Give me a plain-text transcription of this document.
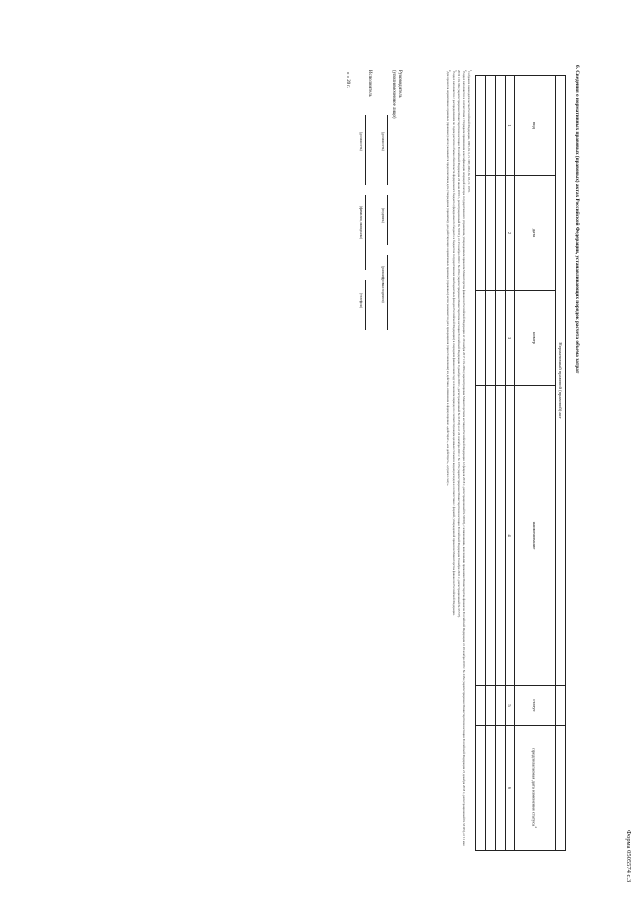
Форма 0505574 с.3
6. Сведения о нормативных правовых (правовых) актах Российской Федерации, устанавливающих порядок расчета объема затрат
Нормативный правовой (правовой) акт					
вид	дата	номер	наименование	статус	предполагаемая дата изменения статуса$^4$
1	2	3	4	5	6

1Собрание законодательства Российской Федерации, 1995, № 3, ст. 198; 2002, № 18, ст. 1679.

2Раздел заполняется в соответствии с Порядком применения классификации операций сектора государственного управления, утвержденным приказом Министерства финансов Российской Федерации от 29 ноября 2017 г. № 209н (зарегистрирован Министерством юстиции Российской Федерации 12 февраля 2018 г., регистрационный № 50003), с изменениями, внесенными приказами Министерства финансов Российской Федерации от 29 ноября 2018 г. № 245н (зарегистрирован Министерством юстиции Российской Федерации 21 декабря 2018 г., регистрационный № 53105), от 11 мая 2019 г. № 69н (зарегистрирован Министерством юстиции Российской Федерации 24 июня 2019 г., регистрационный № 55011), от 25 ноября 2020 г. № 281н (зарегистрирован Министерством юстиции Российской Федерации 9 декабря 2020 г., регистрационный № 61356) и от 24 сентября 2021 г. № 137н (зарегистрирован Министерством юстиции Российской Федерации 8 ноября 2021 г., регистрационный № 65737).

3Раздел заполняется с распределением по годам расчетов объема обязательств федерального бюджета (федерального бюджета и бюджетов государственных внебюджетных фондов Российской Федерации) в очередном финансовом году и плановом периоде по соответствующим целевым статьям и видам расходов в соответствии с формой, утвержденной приказом Министерства финансов Российской Федерации.

4Для проектов нормативных правовых (правовых) актов указывается предполагаемая дата утверждения (принятия); для действующих нормативных правовых (правовых) актов указывается дата прекращения (приостановления) их действия, изменения в формулировки: «действует», «не действует», «утратил силу».

Руководитель
(уполномоченное лицо)
(должность)
(подпись)
(расшифровка подписи)
Исполнитель
(должность)
(фамилия, инициалы)
(телефон)
« » 20 г.
